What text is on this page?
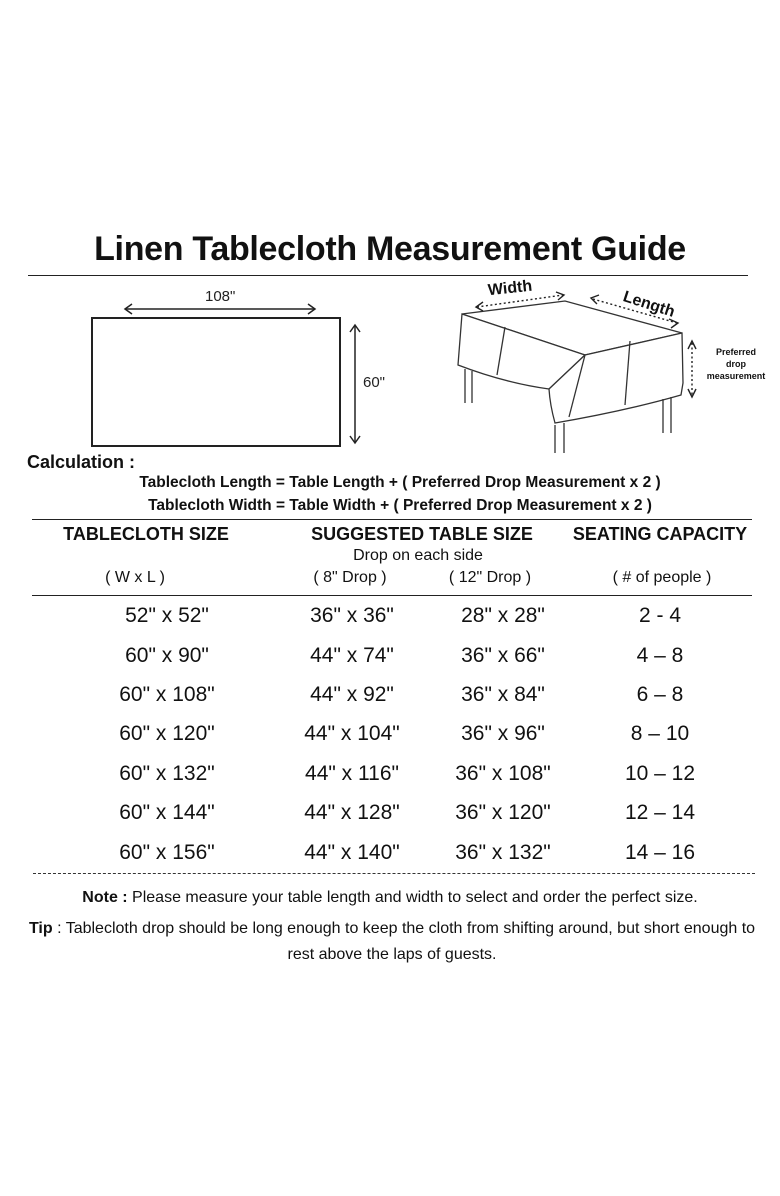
Linen Tablecloth Measurement Guide
108"
60"
Width	Length
Preferred
drop
measurement
Calculation :
Tablecloth Length = Table Length + ( Preferred Drop Measurement x 2 )
Tablecloth Width = Table Width + ( Preferred Drop Measurement x 2 )
TABLECLOTH SIZE	SUGGESTED TABLE SIZE	SEATING CAPACITY
Drop on each side
( W x L )	( 8" Drop )	( 12" Drop )	( # of people )
52" x 52"	36" x 36"	28" x 28"	2 - 4
60" x 90"	44" x 74"	36" x 66"	4 – 8
60" x 108"	44" x 92"	36" x 84"	6 – 8
60" x 120"	44" x 104"	36" x 96"	8 – 10
60" x 132"	44" x 116"	36" x 108"	10 – 12
60" x 144"	44" x 128"	36" x 120"	12 – 14
60" x 156"	44" x 140"	36" x 132"	14 – 16
Note : Please measure your table length and width to select and order the perfect size.
Tip : Tablecloth drop should be long enough to keep the cloth from shifting around, but short enough to rest above the laps of guests.
